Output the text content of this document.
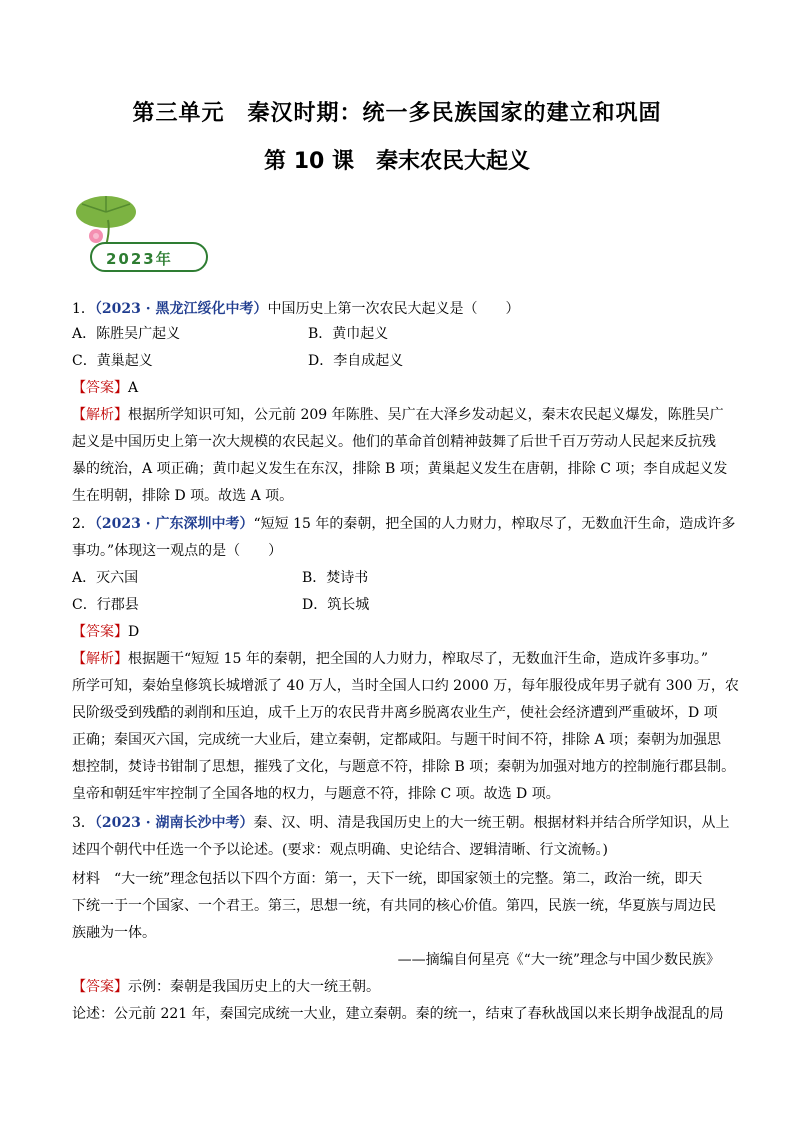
第三单元　秦汉时期：统一多民族国家的建立和巩固
第 10 课　秦末农民大起义
2023年
1．（2023 · 黑龙江绥化中考）中国历史上第一次农民大起义是（　　）
A．陈胜吴广起义	B．黄巾起义
C．黄巢起义	D．李自成起义
【答案】A
【解析】根据所学知识可知，公元前 209 年陈胜、吴广在大泽乡发动起义，秦末农民起义爆发，陈胜吴广
起义是中国历史上第一次大规模的农民起义。他们的革命首创精神鼓舞了后世千百万劳动人民起来反抗残
暴的统治，A 项正确；黄巾起义发生在东汉，排除 B 项；黄巢起义发生在唐朝，排除 C 项；李自成起义发
生在明朝，排除 D 项。故选 A 项。
2．（2023 · 广东深圳中考）“短短 15 年的秦朝，把全国的人力财力，榨取尽了，无数血汗生命，造成许多
事功。”体现这一观点的是（　　）
A．灭六国	B．焚诗书
C．行郡县	D．筑长城
【答案】D
【解析】根据题干“短短 15 年的秦朝，把全国的人力财力，榨取尽了，无数血汗生命，造成许多事功。”
所学可知，秦始皇修筑长城增派了 40 万人，当时全国人口约 2000 万，每年服役成年男子就有 300 万，农
民阶级受到残酷的剥削和压迫，成千上万的农民背井离乡脱离农业生产，使社会经济遭到严重破坏，D 项
正确；秦国灭六国，完成统一大业后，建立秦朝，定都咸阳。与题干时间不符，排除 A 项；秦朝为加强思
想控制，焚诗书钳制了思想，摧残了文化，与题意不符，排除 B 项；秦朝为加强对地方的控制施行郡县制。
皇帝和朝廷牢牢控制了全国各地的权力，与题意不符，排除 C 项。故选 D 项。
3．（2023 · 湖南长沙中考）秦、汉、明、清是我国历史上的大一统王朝。根据材料并结合所学知识，从上
述四个朝代中任选一个予以论述。(要求：观点明确、史论结合、逻辑清晰、行文流畅。)
材料　“大一统”理念包括以下四个方面：第一，天下一统，即国家领土的完整。第二，政治一统，即天
下统一于一个国家、一个君王。第三，思想一统，有共同的核心价值。第四，民族一统，华夏族与周边民
族融为一体。
——摘编自何星亮《“大一统”理念与中国少数民族》
【答案】示例：秦朝是我国历史上的大一统王朝。
论述：公元前 221 年，秦国完成统一大业，建立秦朝。秦的统一，结束了春秋战国以来长期争战混乱的局
